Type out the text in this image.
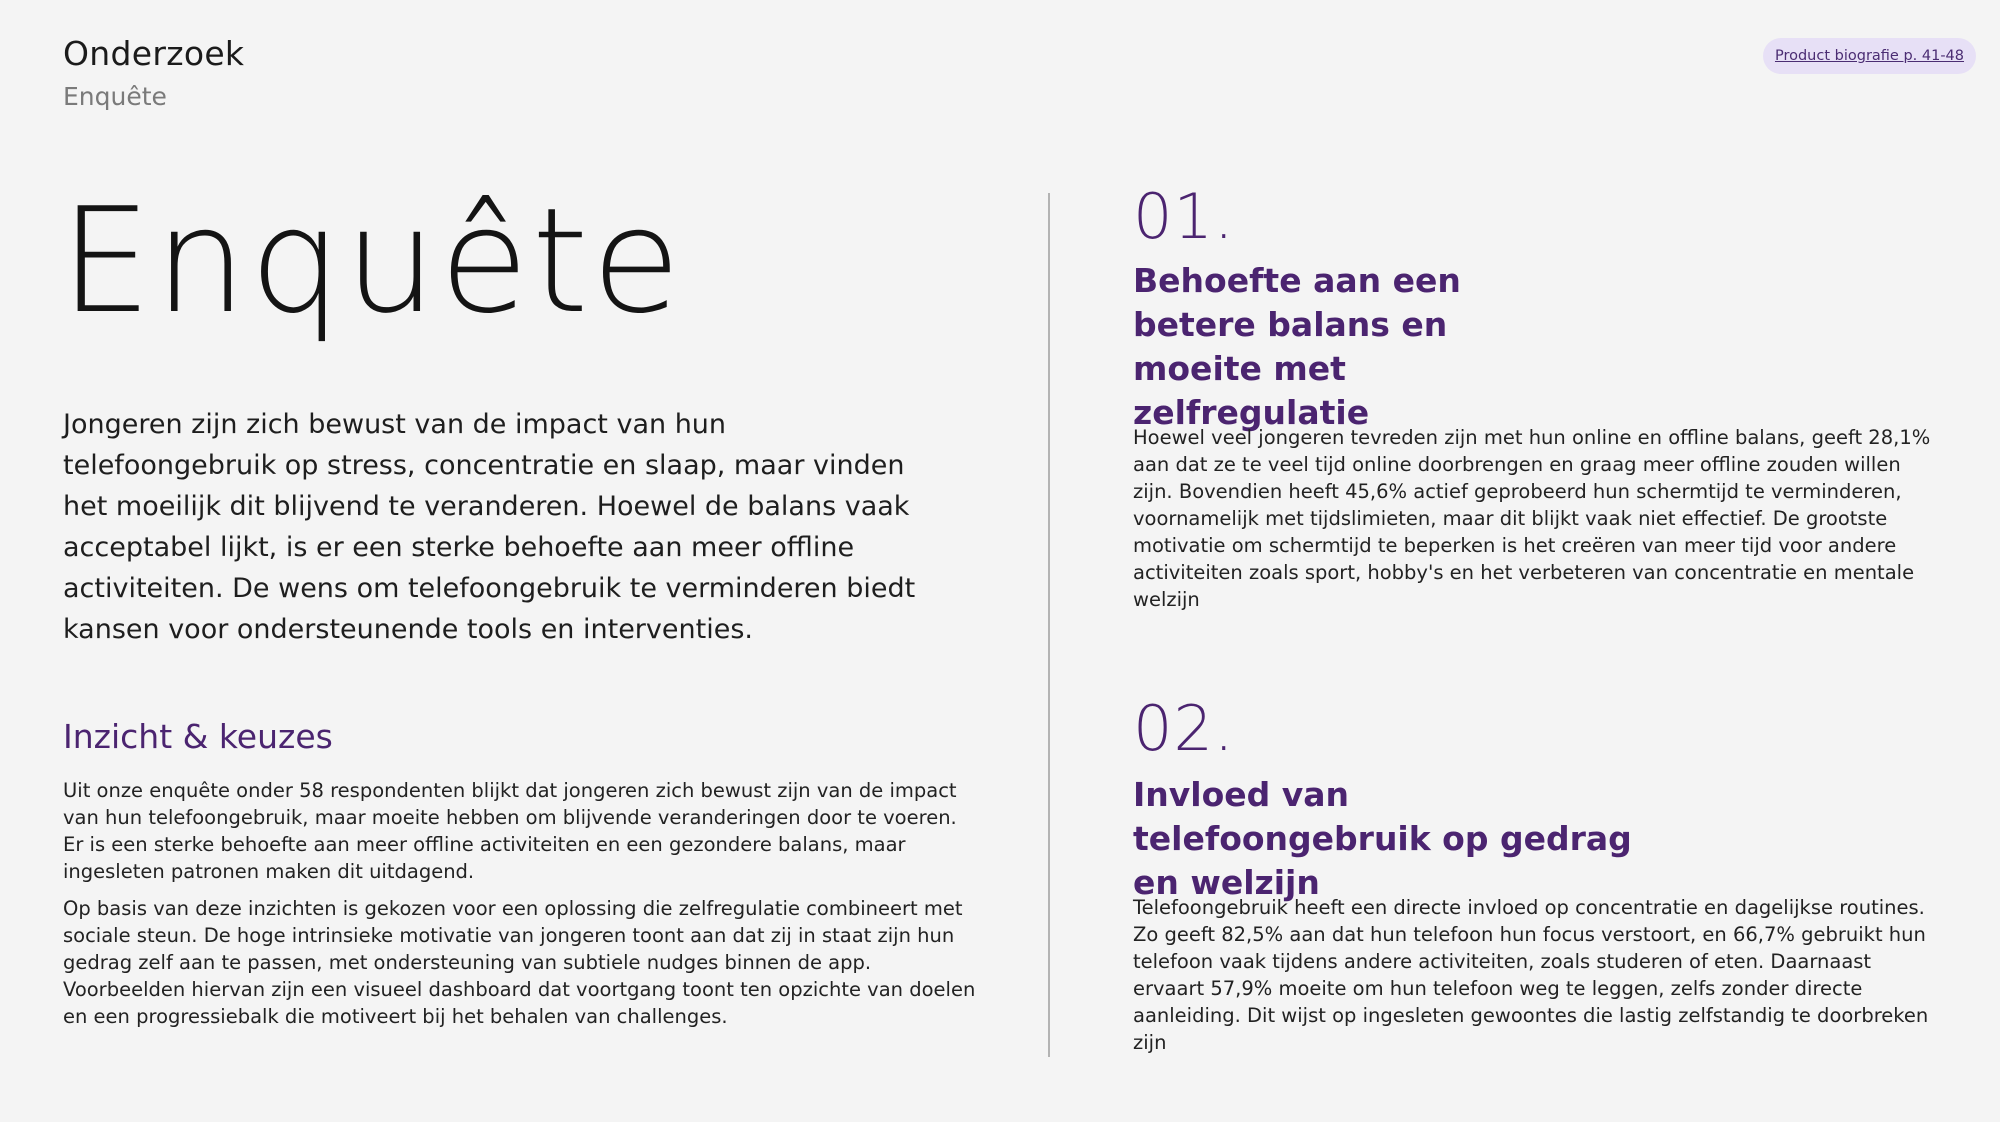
Onderzoek
Enquête
Product biografie p. 41-48
Enquête

Jongeren zijn zich bewust van de impact van hun telefoongebruik op stress, concentratie en slaap, maar vinden het moeilijk dit blijvend te veranderen. Hoewel de balans vaak acceptabel lijkt, is er een sterke behoefte aan meer offline activiteiten. De wens om telefoongebruik te verminderen biedt kansen voor ondersteunende tools en interventies.

Inzicht & keuzes

Uit onze enquête onder 58 respondenten blijkt dat jongeren zich bewust zijn van de impact van hun telefoongebruik, maar moeite hebben om blijvende veranderingen door te voeren. Er is een sterke behoefte aan meer offline activiteiten en een gezondere balans, maar ingesleten patronen maken dit uitdagend.

Op basis van deze inzichten is gekozen voor een oplossing die zelfregulatie combineert met sociale steun. De hoge intrinsieke motivatie van jongeren toont aan dat zij in staat zijn hun gedrag zelf aan te passen, met ondersteuning van subtiele nudges binnen de app. Voorbeelden hiervan zijn een visueel dashboard dat voortgang toont ten opzichte van doelen en een progressiebalk die motiveert bij het behalen van challenges.

01.
Behoefte aan een betere balans en moeite met zelfregulatie

Hoewel veel jongeren tevreden zijn met hun online en offline balans, geeft 28,1% aan dat ze te veel tijd online doorbrengen en graag meer offline zouden willen zijn. Bovendien heeft 45,6% actief geprobeerd hun schermtijd te verminderen, voornamelijk met tijdslimieten, maar dit blijkt vaak niet effectief. De grootste motivatie om schermtijd te beperken is het creëren van meer tijd voor andere activiteiten zoals sport, hobby's en het verbeteren van concentratie en mentale welzijn

02.
Invloed van telefoongebruik op gedrag en welzijn

Telefoongebruik heeft een directe invloed op concentratie en dagelijkse routines. Zo geeft 82,5% aan dat hun telefoon hun focus verstoort, en 66,7% gebruikt hun telefoon vaak tijdens andere activiteiten, zoals studeren of eten. Daarnaast ervaart 57,9% moeite om hun telefoon weg te leggen, zelfs zonder directe aanleiding. Dit wijst op ingesleten gewoontes die lastig zelfstandig te doorbreken zijn
